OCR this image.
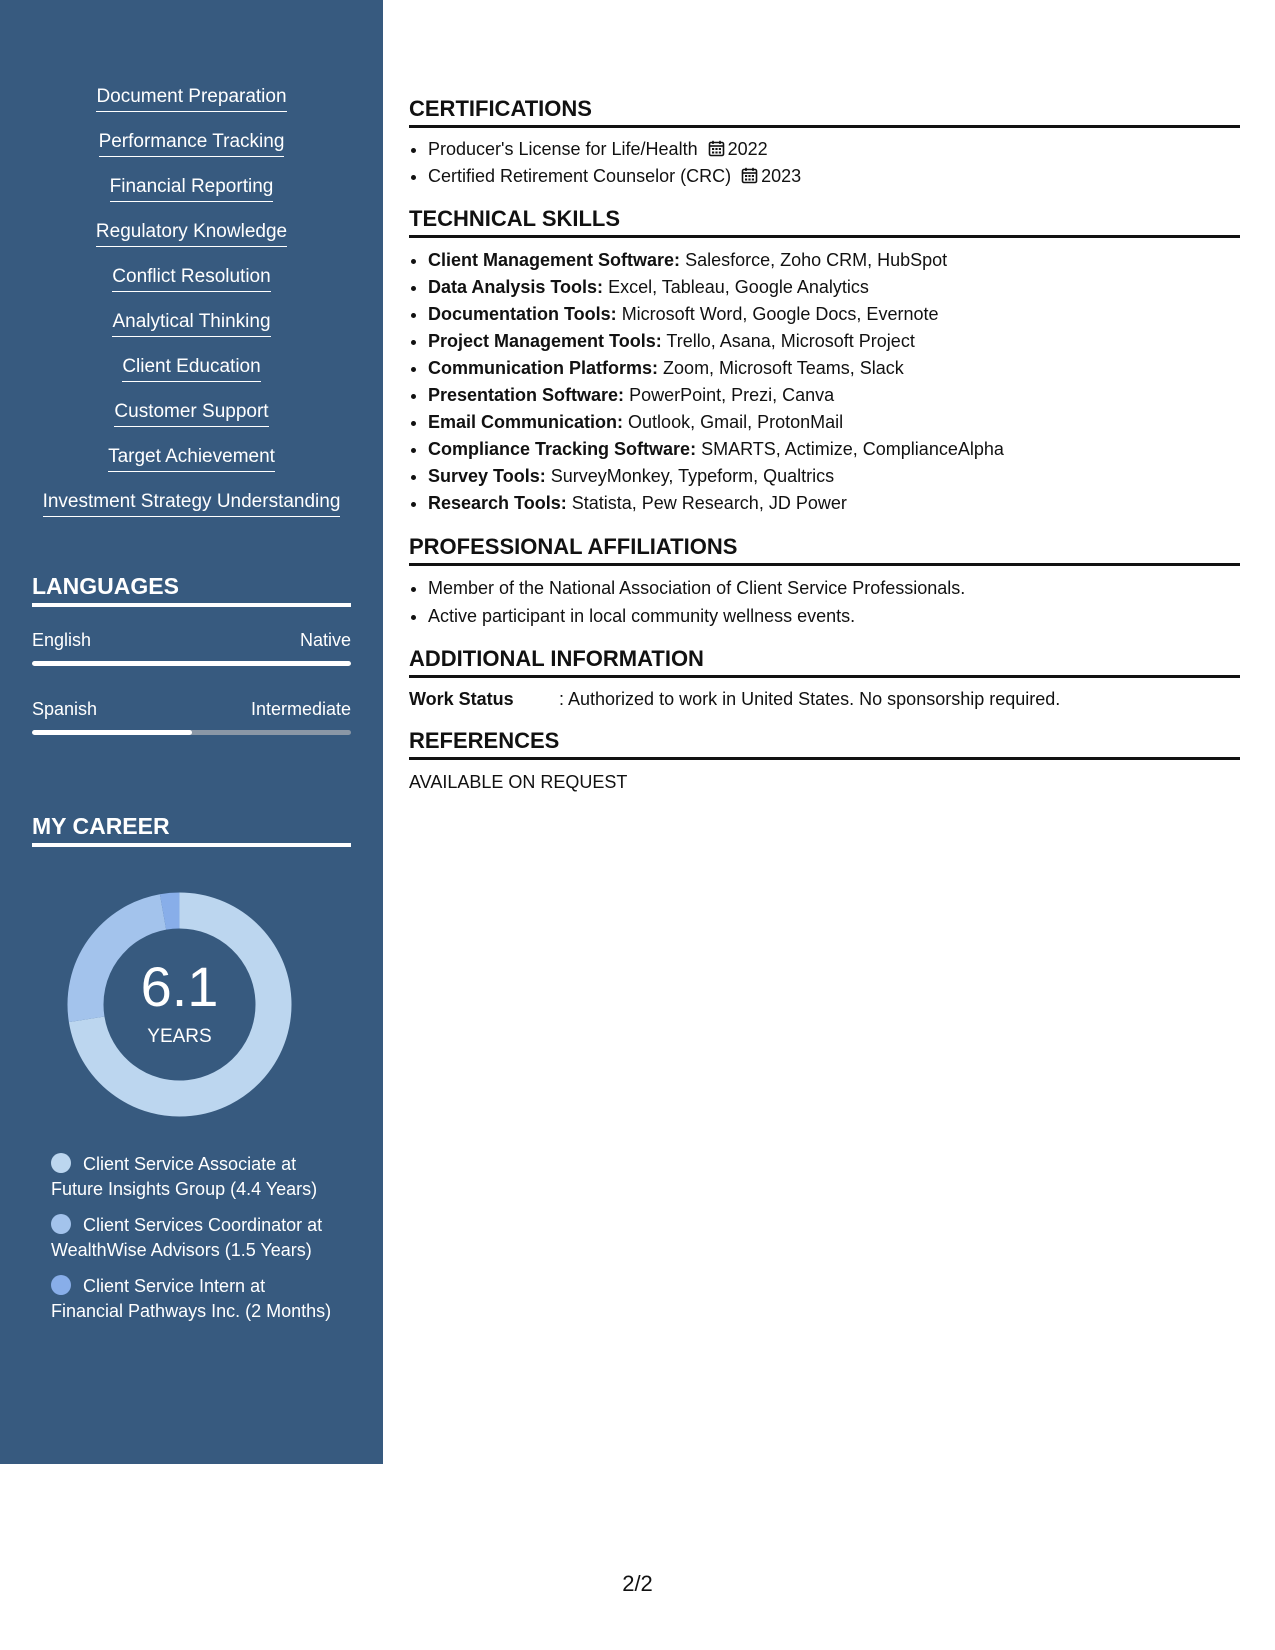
Document Preparation
Performance Tracking
Financial Reporting
Regulatory Knowledge
Conflict Resolution
Analytical Thinking
Client Education
Customer Support
Target Achievement
Investment Strategy Understanding
LANGUAGES
English	Native
Spanish	Intermediate
MY CAREER
6.1
YEARS
Client Service Associate at Future Insights Group (4.4 Years)
Client Services Coordinator at WealthWise Advisors (1.5 Years)
Client Service Intern at Financial Pathways Inc. (2 Months)
CERTIFICATIONS
• Producer's License for Life/Health 2022
• Certified Retirement Counselor (CRC) 2023
TECHNICAL SKILLS
• Client Management Software: Salesforce, Zoho CRM, HubSpot
• Data Analysis Tools: Excel, Tableau, Google Analytics
• Documentation Tools: Microsoft Word, Google Docs, Evernote
• Project Management Tools: Trello, Asana, Microsoft Project
• Communication Platforms: Zoom, Microsoft Teams, Slack
• Presentation Software: PowerPoint, Prezi, Canva
• Email Communication: Outlook, Gmail, ProtonMail
• Compliance Tracking Software: SMARTS, Actimize, ComplianceAlpha
• Survey Tools: SurveyMonkey, Typeform, Qualtrics
• Research Tools: Statista, Pew Research, JD Power
PROFESSIONAL AFFILIATIONS
• Member of the National Association of Client Service Professionals.
• Active participant in local community wellness events.
ADDITIONAL INFORMATION
Work Status	: Authorized to work in United States. No sponsorship required.
REFERENCES
AVAILABLE ON REQUEST
2/2
